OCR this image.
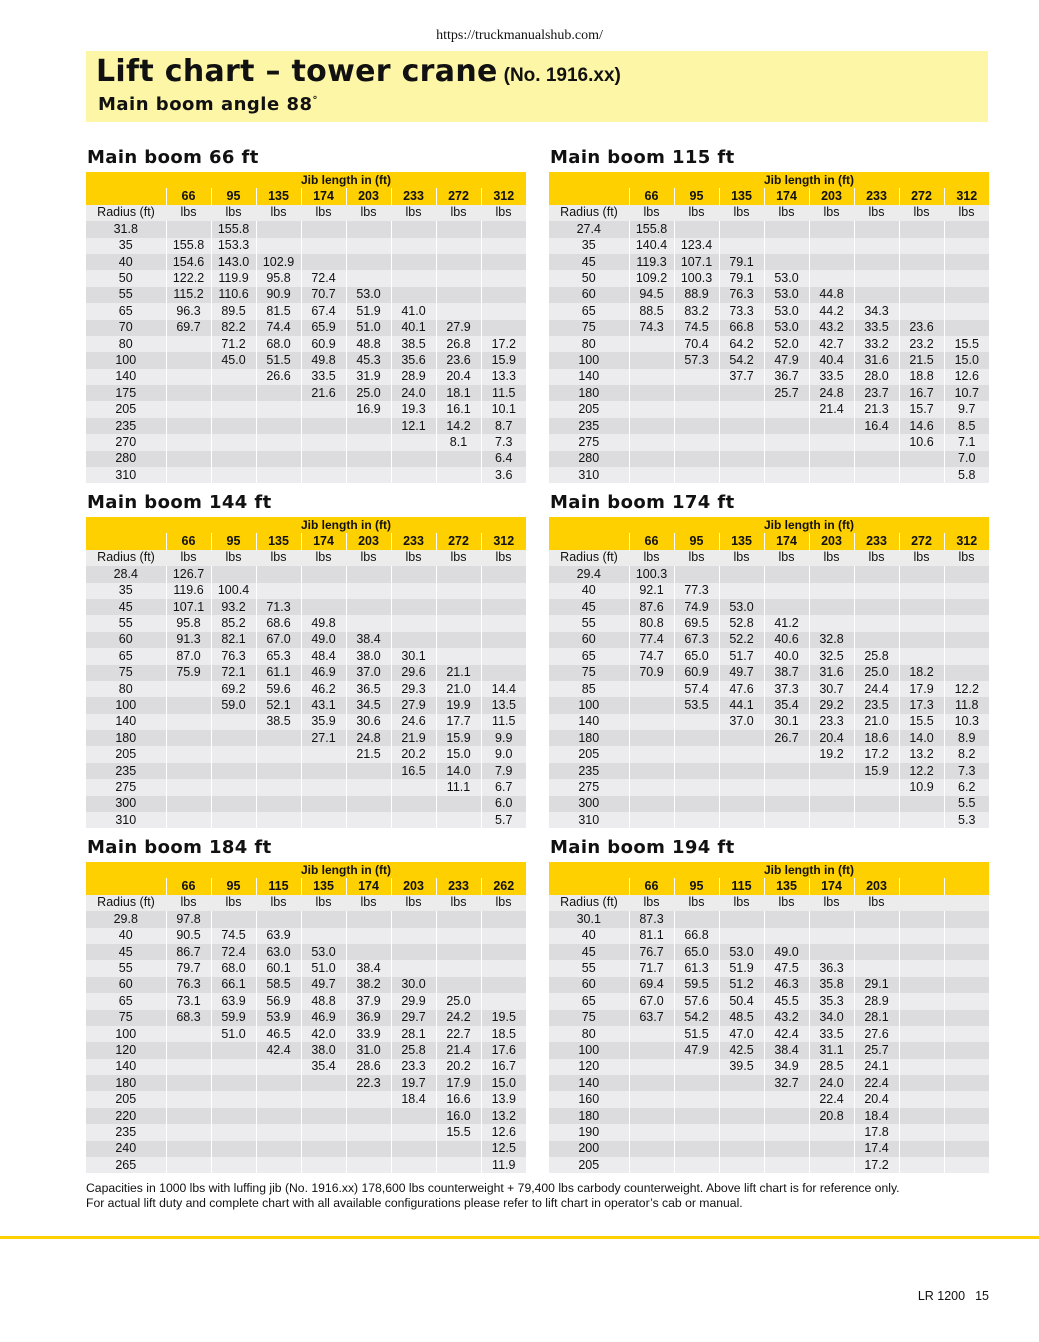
https://truckmanualshub.com/
Lift chart – tower crane (No. 1916.xx)
Main boom angle 88°
Main boom 66 ft
	Jib length in (ft)							
	66	95	135	174	203	233	272	312
Radius (ft)	lbs	lbs	lbs	lbs	lbs	lbs	lbs	lbs
31.8		155.8						
35	155.8	153.3						
40	154.6	143.0	102.9					
50	122.2	119.9	95.8	72.4				
55	115.2	110.6	90.9	70.7	53.0			
65	96.3	89.5	81.5	67.4	51.9	41.0		
70	69.7	82.2	74.4	65.9	51.0	40.1	27.9	
80		71.2	68.0	60.9	48.8	38.5	26.8	17.2
100		45.0	51.5	49.8	45.3	35.6	23.6	15.9
140			26.6	33.5	31.9	28.9	20.4	13.3
175				21.6	25.0	24.0	18.1	11.5
205					16.9	19.3	16.1	10.1
235						12.1	14.2	8.7
270							8.1	7.3
280								6.4
310								3.6
Main boom 115 ft
	Jib length in (ft)							
	66	95	135	174	203	233	272	312
Radius (ft)	lbs	lbs	lbs	lbs	lbs	lbs	lbs	lbs
27.4	155.8							
35	140.4	123.4						
45	119.3	107.1	79.1					
50	109.2	100.3	79.1	53.0				
60	94.5	88.9	76.3	53.0	44.8			
65	88.5	83.2	73.3	53.0	44.2	34.3		
75	74.3	74.5	66.8	53.0	43.2	33.5	23.6	
80		70.4	64.2	52.0	42.7	33.2	23.2	15.5
100		57.3	54.2	47.9	40.4	31.6	21.5	15.0
140			37.7	36.7	33.5	28.0	18.8	12.6
180				25.7	24.8	23.7	16.7	10.7
205					21.4	21.3	15.7	9.7
235						16.4	14.6	8.5
275							10.6	7.1
280								7.0
310								5.8
Main boom 144 ft
	Jib length in (ft)							
	66	95	135	174	203	233	272	312
Radius (ft)	lbs	lbs	lbs	lbs	lbs	lbs	lbs	lbs
28.4	126.7							
35	119.6	100.4						
45	107.1	93.2	71.3					
55	95.8	85.2	68.6	49.8				
60	91.3	82.1	67.0	49.0	38.4			
65	87.0	76.3	65.3	48.4	38.0	30.1		
75	75.9	72.1	61.1	46.9	37.0	29.6	21.1	
80		69.2	59.6	46.2	36.5	29.3	21.0	14.4
100		59.0	52.1	43.1	34.5	27.9	19.9	13.5
140			38.5	35.9	30.6	24.6	17.7	11.5
180				27.1	24.8	21.9	15.9	9.9
205					21.5	20.2	15.0	9.0
235						16.5	14.0	7.9
275							11.1	6.7
300								6.0
310								5.7
Main boom 174 ft
	Jib length in (ft)							
	66	95	135	174	203	233	272	312
Radius (ft)	lbs	lbs	lbs	lbs	lbs	lbs	lbs	lbs
29.4	100.3							
40	92.1	77.3						
45	87.6	74.9	53.0					
55	80.8	69.5	52.8	41.2				
60	77.4	67.3	52.2	40.6	32.8			
65	74.7	65.0	51.7	40.0	32.5	25.8		
75	70.9	60.9	49.7	38.7	31.6	25.0	18.2	
85		57.4	47.6	37.3	30.7	24.4	17.9	12.2
100		53.5	44.1	35.4	29.2	23.5	17.3	11.8
140			37.0	30.1	23.3	21.0	15.5	10.3
180				26.7	20.4	18.6	14.0	8.9
205					19.2	17.2	13.2	8.2
235						15.9	12.2	7.3
275							10.9	6.2
300								5.5
310								5.3
Main boom 184 ft
	Jib length in (ft)							
	66	95	115	135	174	203	233	262
Radius (ft)	lbs	lbs	lbs	lbs	lbs	lbs	lbs	lbs
29.8	97.8							
40	90.5	74.5	63.9					
45	86.7	72.4	63.0	53.0				
55	79.7	68.0	60.1	51.0	38.4			
60	76.3	66.1	58.5	49.7	38.2	30.0		
65	73.1	63.9	56.9	48.8	37.9	29.9	25.0	
75	68.3	59.9	53.9	46.9	36.9	29.7	24.2	19.5
100		51.0	46.5	42.0	33.9	28.1	22.7	18.5
120			42.4	38.0	31.0	25.8	21.4	17.6
140				35.4	28.6	23.3	20.2	16.7
180					22.3	19.7	17.9	15.0
205						18.4	16.6	13.9
220							16.0	13.2
235							15.5	12.6
240								12.5
265								11.9
Main boom 194 ft
	Jib length in (ft)							
	66	95	115	135	174	203		
Radius (ft)	lbs	lbs	lbs	lbs	lbs	lbs		
30.1	87.3							
40	81.1	66.8						
45	76.7	65.0	53.0	49.0				
55	71.7	61.3	51.9	47.5	36.3			
60	69.4	59.5	51.2	46.3	35.8	29.1		
65	67.0	57.6	50.4	45.5	35.3	28.9		
75	63.7	54.2	48.5	43.2	34.0	28.1		
80		51.5	47.0	42.4	33.5	27.6		
100		47.9	42.5	38.4	31.1	25.7		
120			39.5	34.9	28.5	24.1		
140				32.7	24.0	22.4		
160					22.4	20.4		
180					20.8	18.4		
190						17.8		
200						17.4		
205						17.2		
Capacities in 1000 lbs with luffing jib (No. 1916.xx) 178,600 lbs counterweight + 79,400 lbs carbody counterweight. Above lift chart is for reference only.
For actual lift duty and complete chart with all available configurations please refer to lift chart in operator’s cab or manual.
LR 1200 15
